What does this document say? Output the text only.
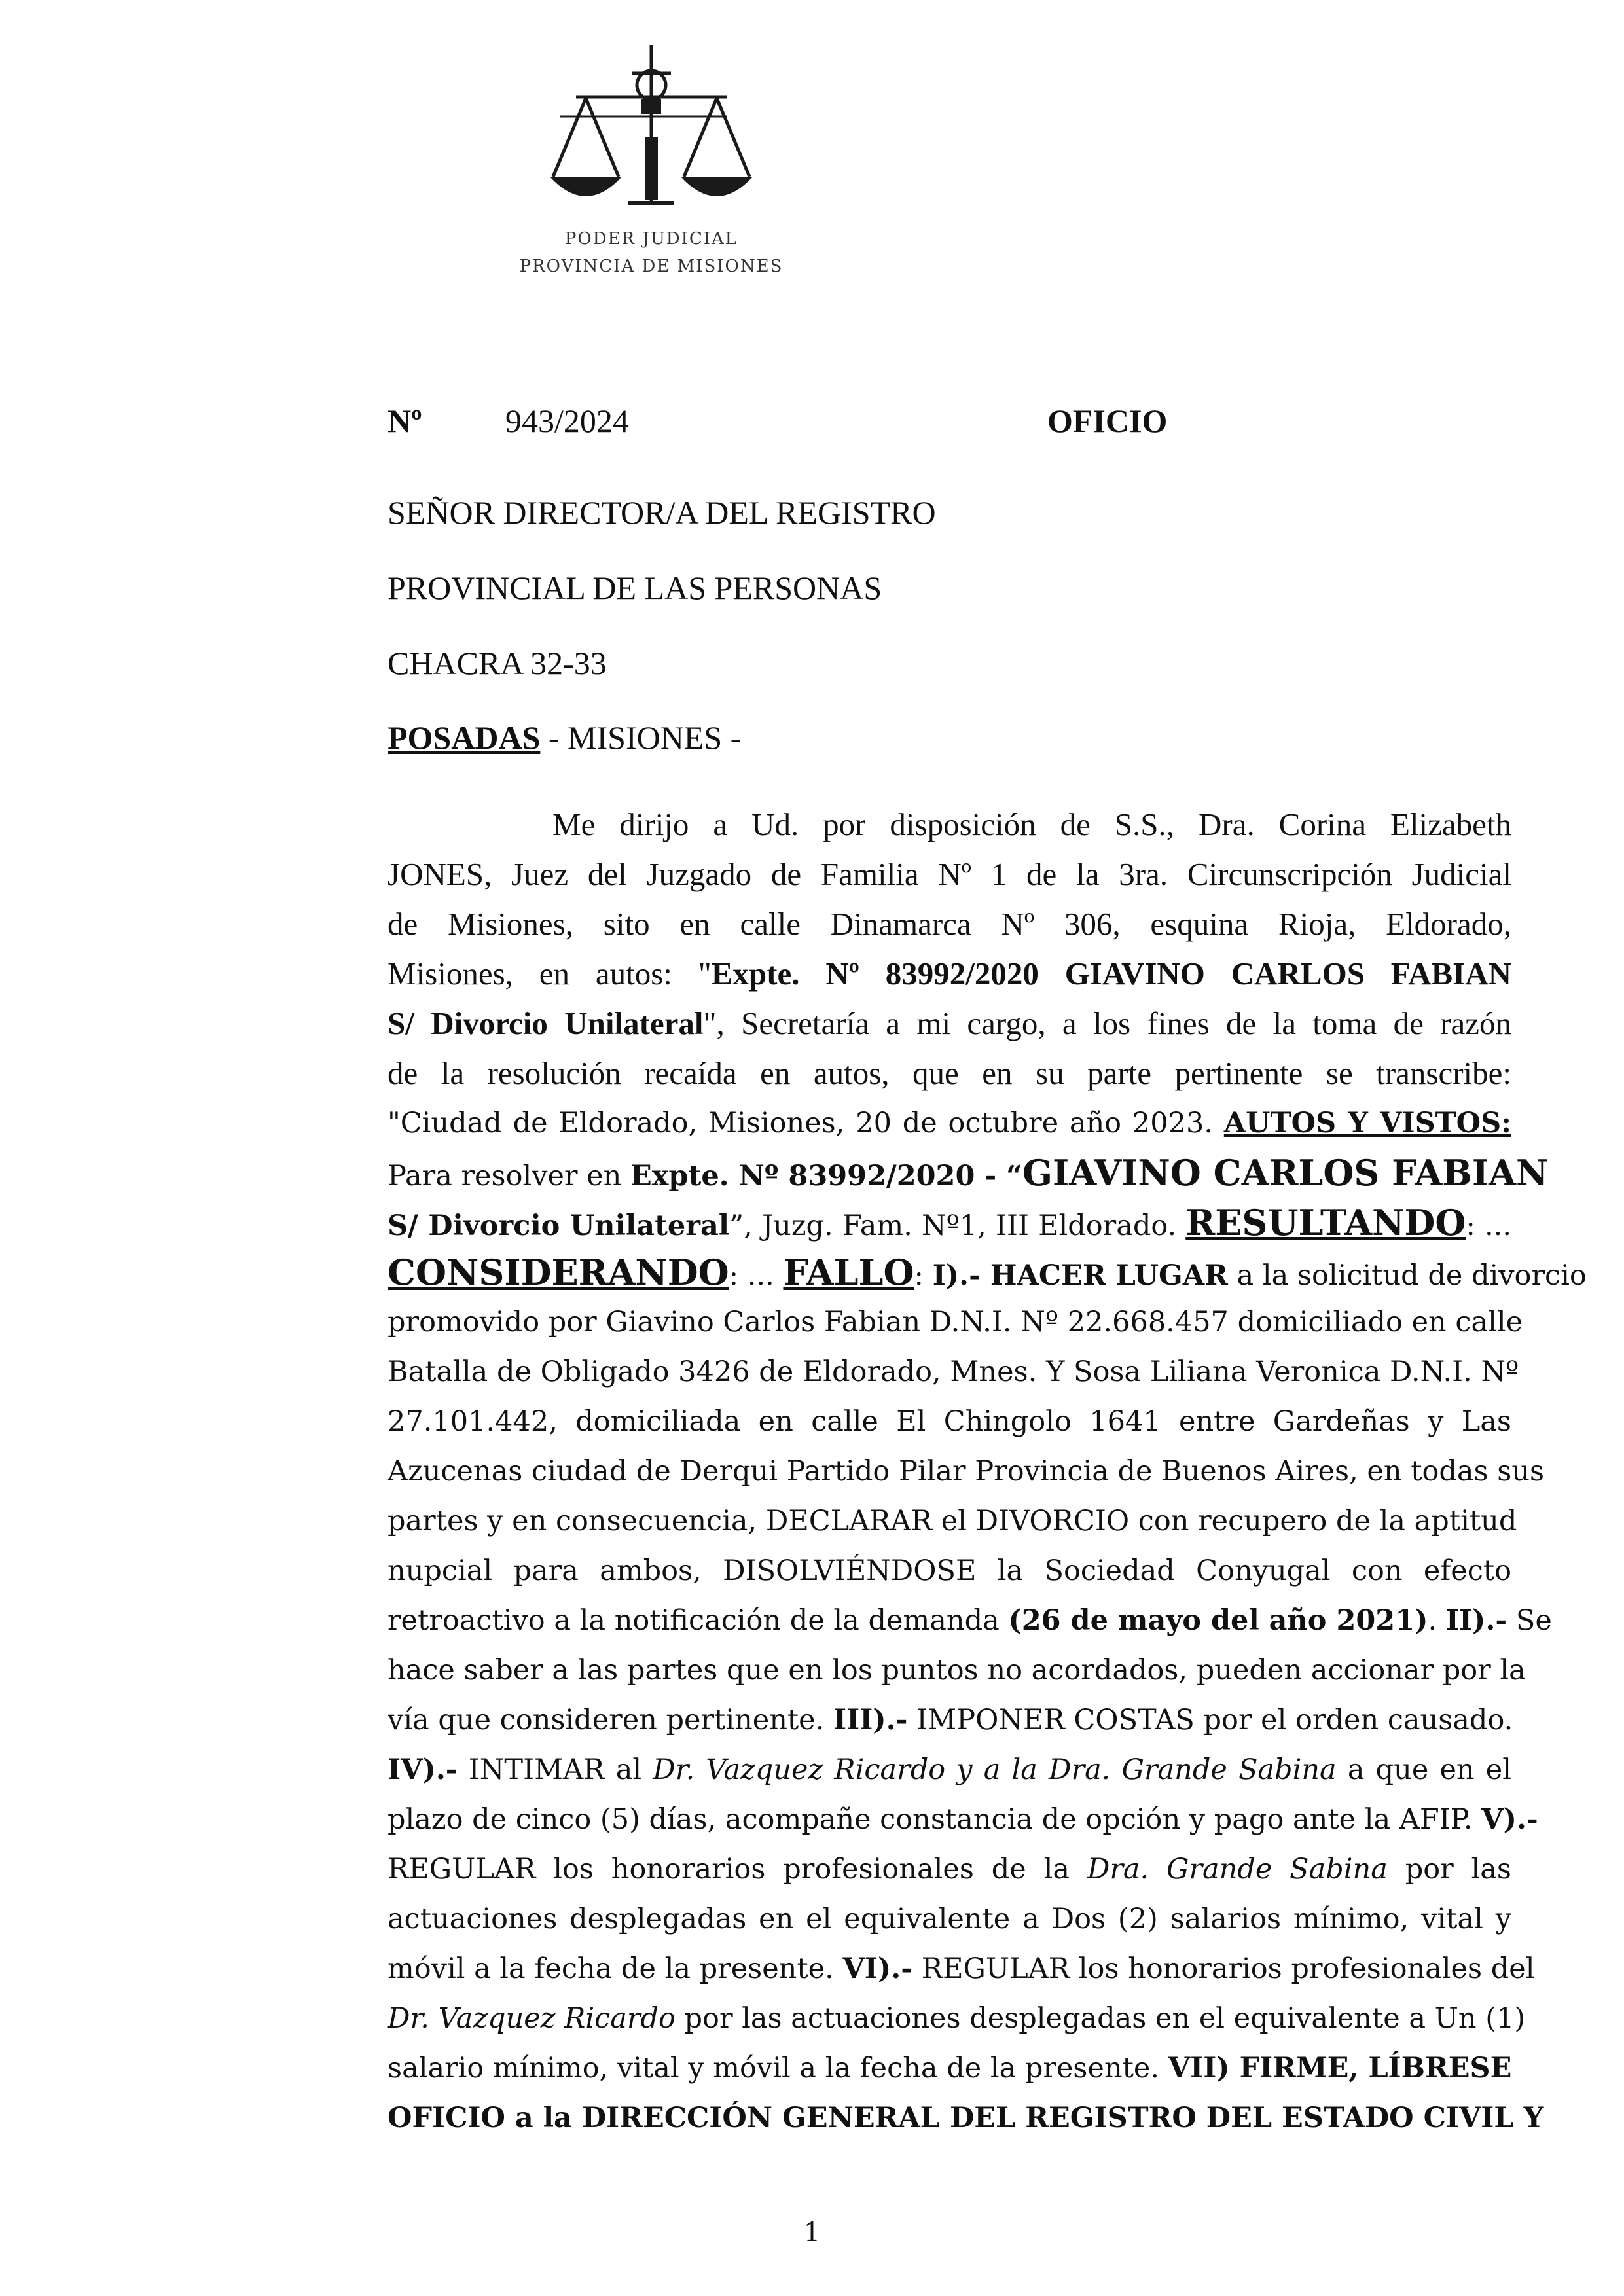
PODER JUDICIAL
PROVINCIA DE MISIONES
Nº	943/2024	OFICIO
SEÑOR DIRECTOR/A DEL REGISTRO
PROVINCIAL DE LAS PERSONAS
CHACRA 32-33
POSADAS - MISIONES -
Me dirijo a Ud. por disposición de S.S., Dra. Corina Elizabeth
JONES, Juez del Juzgado de Familia Nº 1 de la 3ra. Circunscripción Judicial
de Misiones, sito en calle Dinamarca Nº 306, esquina Rioja, Eldorado,
Misiones, en autos: "Expte. Nº 83992/2020 GIAVINO CARLOS FABIAN
S/ Divorcio Unilateral", Secretaría a mi cargo, a los fines de la toma de razón
de la resolución recaída en autos, que en su parte pertinente se transcribe:
"Ciudad de Eldorado, Misiones, 20 de octubre año 2023. AUTOS Y VISTOS:
Para resolver en Expte. Nº 83992/2020 - “GIAVINO CARLOS FABIAN
S/ Divorcio Unilateral”, Juzg. Fam. Nº1, III Eldorado. RESULTANDO: ...
CONSIDERANDO: ... FALLO: I).- HACER LUGAR a la solicitud de divorcio
promovido por Giavino Carlos Fabian D.N.I. Nº 22.668.457 domiciliado en calle
Batalla de Obligado 3426 de Eldorado, Mnes. Y Sosa Liliana Veronica D.N.I. Nº
27.101.442, domiciliada en calle El Chingolo 1641 entre Gardeñas y Las
Azucenas ciudad de Derqui Partido Pilar Provincia de Buenos Aires, en todas sus
partes y en consecuencia, DECLARAR el DIVORCIO con recupero de la aptitud
nupcial para ambos, DISOLVIÉNDOSE la Sociedad Conyugal con efecto
retroactivo a la notificación de la demanda (26 de mayo del año 2021). II).- Se
hace saber a las partes que en los puntos no acordados, pueden accionar por la
vía que consideren pertinente. III).- IMPONER COSTAS por el orden causado.
IV).- INTIMAR al Dr. Vazquez Ricardo y a la Dra. Grande Sabina a que en el
plazo de cinco (5) días, acompañe constancia de opción y pago ante la AFIP. V).-
REGULAR los honorarios profesionales de la Dra. Grande Sabina por las
actuaciones desplegadas en el equivalente a Dos (2) salarios mínimo, vital y
móvil a la fecha de la presente. VI).- REGULAR los honorarios profesionales del
Dr. Vazquez Ricardo por las actuaciones desplegadas en el equivalente a Un (1)
salario mínimo, vital y móvil a la fecha de la presente. VII) FIRME, LÍBRESE
OFICIO a la DIRECCIÓN GENERAL DEL REGISTRO DEL ESTADO CIVIL Y
1
